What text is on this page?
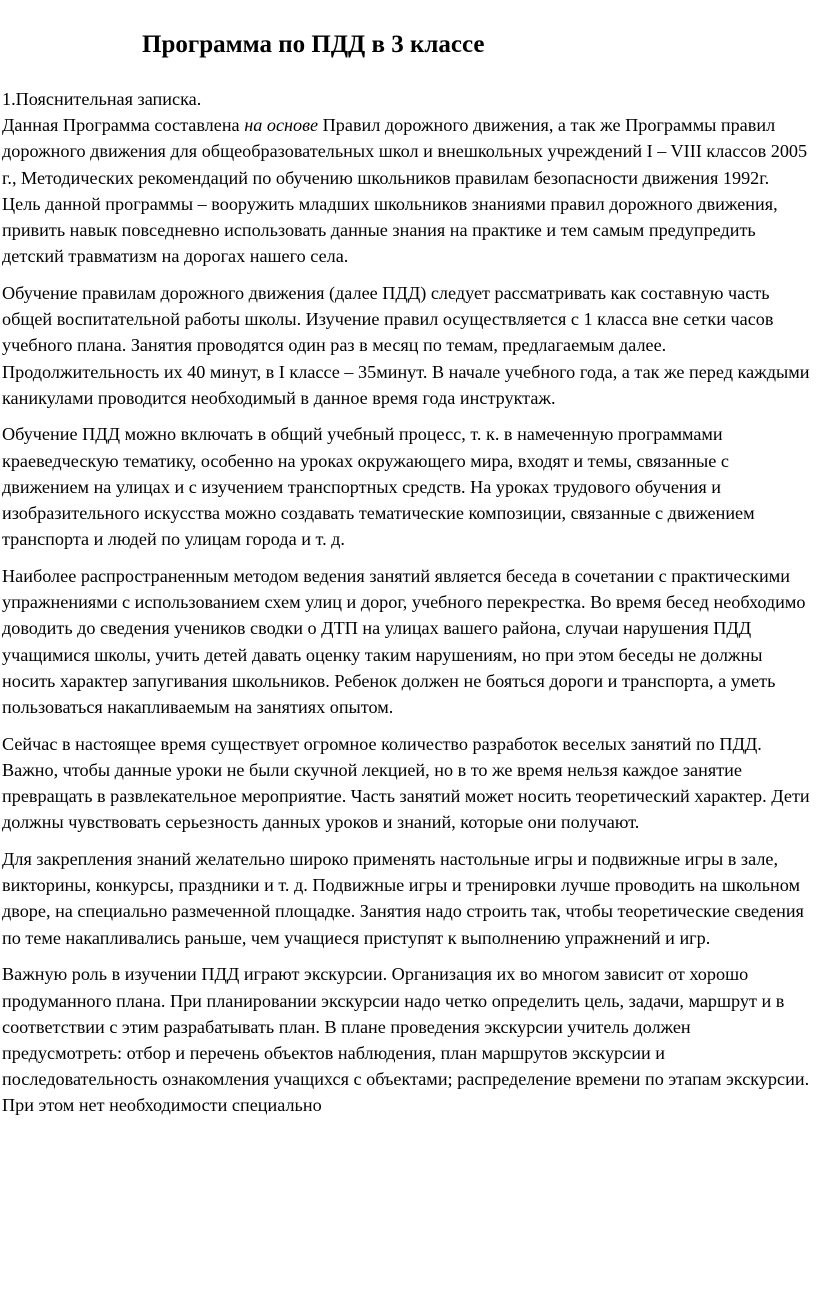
Программа по ПДД в 3 классе

1.Пояснительная записка.

Данная Программа составлена на основе Правил дорожного движения, а так же Программы правил дорожного движения для общеобразовательных школ и внешкольных учреждений I – VIII классов 2005 г., Методических рекомендаций по обучению школьников правилам безопасности движения 1992г.

Цель данной программы – вооружить младших школьников знаниями правил дорожного движения, привить навык повседневно использовать данные знания на практике и тем самым предупредить детский травматизм на дорогах нашего села.

Обучение правилам дорожного движения (далее ПДД) следует рассматривать как составную часть общей воспитательной работы школы. Изучение правил осуществляется с 1 класса вне сетки часов учебного плана. Занятия проводятся один раз в месяц по темам, предлагаемым далее. Продолжительность их 40 минут, в I классе – 35минут. В начале учебного года, а так же перед каждыми каникулами проводится необходимый в данное время года инструктаж.

Обучение ПДД можно включать в общий учебный процесс, т. к. в намеченную программами краеведческую тематику, особенно на уроках окружающего мира, входят и темы, связанные с движением на улицах и с изучением транспортных средств. На уроках трудового обучения и изобразительного искусства можно создавать тематические композиции, связанные с движением транспорта и людей по улицам города и т. д.

Наиболее распространенным методом ведения занятий является беседа в сочетании с практическими упражнениями с использованием схем улиц и дорог, учебного перекрестка. Во время бесед необходимо доводить до сведения учеников сводки о ДТП на улицах вашего района, случаи нарушения ПДД учащимися школы, учить детей давать оценку таким нарушениям, но при этом беседы не должны носить характер запугивания школьников. Ребенок должен не бояться дороги и транспорта, а уметь пользоваться накапливаемым на занятиях опытом.

Сейчас в настоящее время существует огромное количество разработок веселых занятий по ПДД. Важно, чтобы данные уроки не были скучной лекцией, но в то же время нельзя каждое занятие превращать в развлекательное мероприятие. Часть занятий может носить теоретический характер. Дети должны чувствовать серьезность данных уроков и знаний, которые они получают.

Для закрепления знаний желательно широко применять настольные игры и подвижные игры в зале, викторины, конкурсы, праздники и т. д. Подвижные игры и тренировки лучше проводить на школьном дворе, на специально размеченной площадке. Занятия надо строить так, чтобы теоретические сведения по теме накапливались раньше, чем учащиеся приступят к выполнению упражнений и игр.

Важную роль в изучении ПДД играют экскурсии. Организация их во многом зависит от хорошо продуманного плана. При планировании экскурсии надо четко определить цель, задачи, маршрут и в соответствии с этим разрабатывать план. В плане проведения экскурсии учитель должен предусмотреть: отбор и перечень объектов наблюдения, план маршрутов экскурсии и последовательность ознакомления учащихся с объектами; распределение времени по этапам экскурсии. При этом нет необходимости специально
